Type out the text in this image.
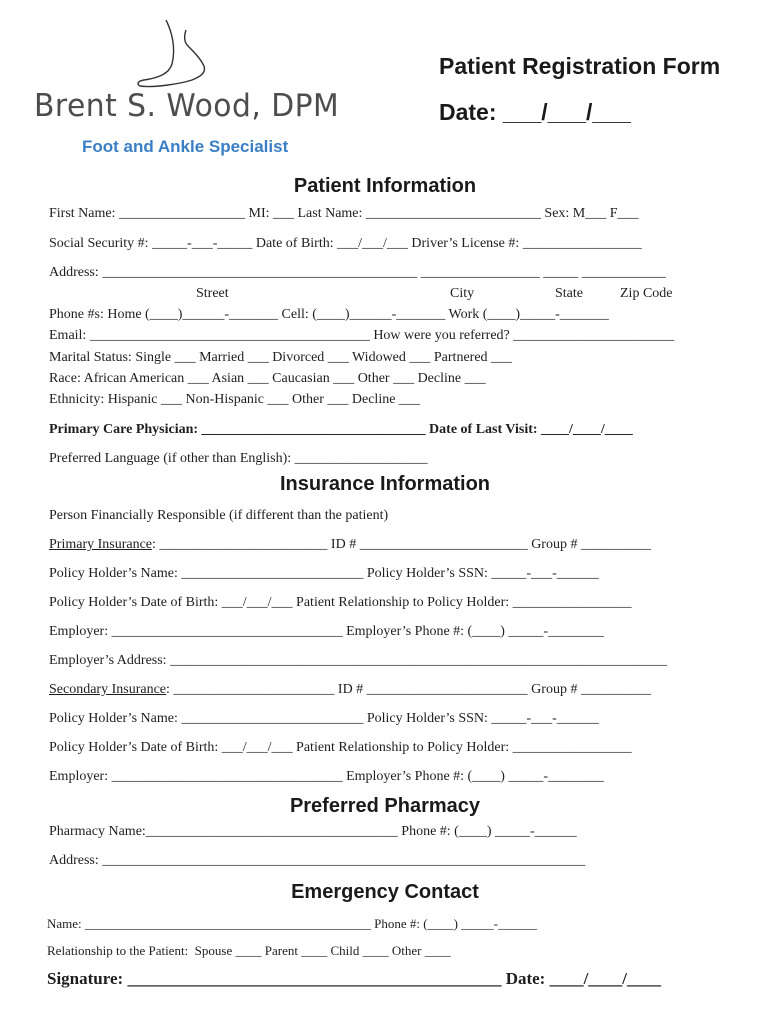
Brent S. Wood, DPM
Foot and Ankle Specialist
Patient Registration Form
Date: ___/___/___
Patient Information
First Name: __________________ MI: ___ Last Name: _________________________ Sex: M___ F___
Social Security #: _____-___-_____ Date of Birth: ___/___/___ Driver’s License #: _________________
Address: _____________________________________________ _________________ _____ ____________
Street	City	State	Zip Code
Phone #s: Home (____)______-_______ Cell: (____)______-_______ Work (____)_____-_______
Email: ________________________________________ How were you referred? _______________________
Marital Status: Single ___ Married ___ Divorced ___ Widowed ___ Partnered ___
Race: African American ___ Asian ___ Caucasian ___ Other ___ Decline ___
Ethnicity: Hispanic ___ Non-Hispanic ___ Other ___ Decline ___
Primary Care Physician: ________________________________ Date of Last Visit: ____/____/____
Preferred Language (if other than English): ___________________
Insurance Information
Person Financially Responsible (if different than the patient)
Primary Insurance: ________________________ ID # ________________________ Group # __________
Policy Holder’s Name: __________________________ Policy Holder’s SSN: _____-___-______
Policy Holder’s Date of Birth: ___/___/___ Patient Relationship to Policy Holder: _________________
Employer: _________________________________ Employer’s Phone #: (____) _____-________
Employer’s Address: _______________________________________________________________________
Secondary Insurance: _______________________ ID # _______________________ Group # __________
Policy Holder’s Name: __________________________ Policy Holder’s SSN: _____-___-______
Policy Holder’s Date of Birth: ___/___/___ Patient Relationship to Policy Holder: _________________
Employer: _________________________________ Employer’s Phone #: (____) _____-________
Preferred Pharmacy
Pharmacy Name:____________________________________ Phone #: (____) _____-______
Address: _____________________________________________________________________
Emergency Contact
Name: ____________________________________________ Phone #: (____) _____-______
Relationship to the Patient:  Spouse ____ Parent ____ Child ____ Other ____
Signature: ____________________________________________ Date: ____/____/____
